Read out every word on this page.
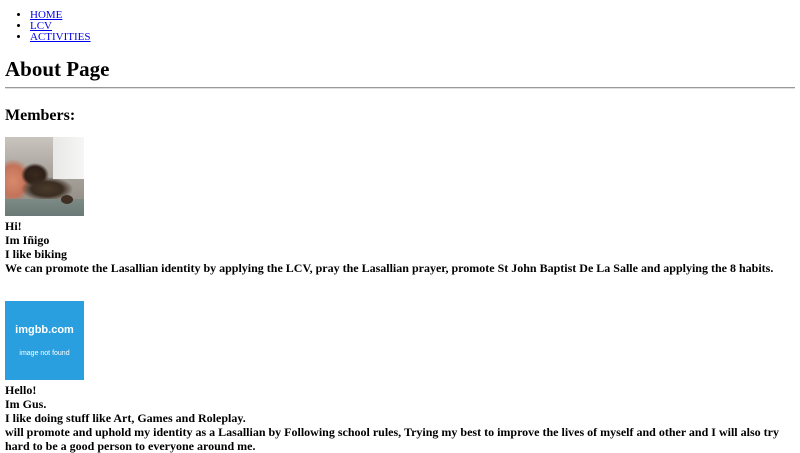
• HOME
• LCV
• ACTIVITIES
About Page
Members:
Hi!
Im Iñigo
I like biking
We can promote the Lasallian identity by applying the LCV, pray the Lasallian prayer, promote St John Baptist De La Salle and applying the 8 habits.
imgbb.com
image not found
Hello!
Im Gus.
I like doing stuff like Art, Games and Roleplay.
will promote and uphold my identity as a Lasallian by Following school rules, Trying my best to improve the lives of myself and other and I will also try hard to be a good person to everyone around me.
